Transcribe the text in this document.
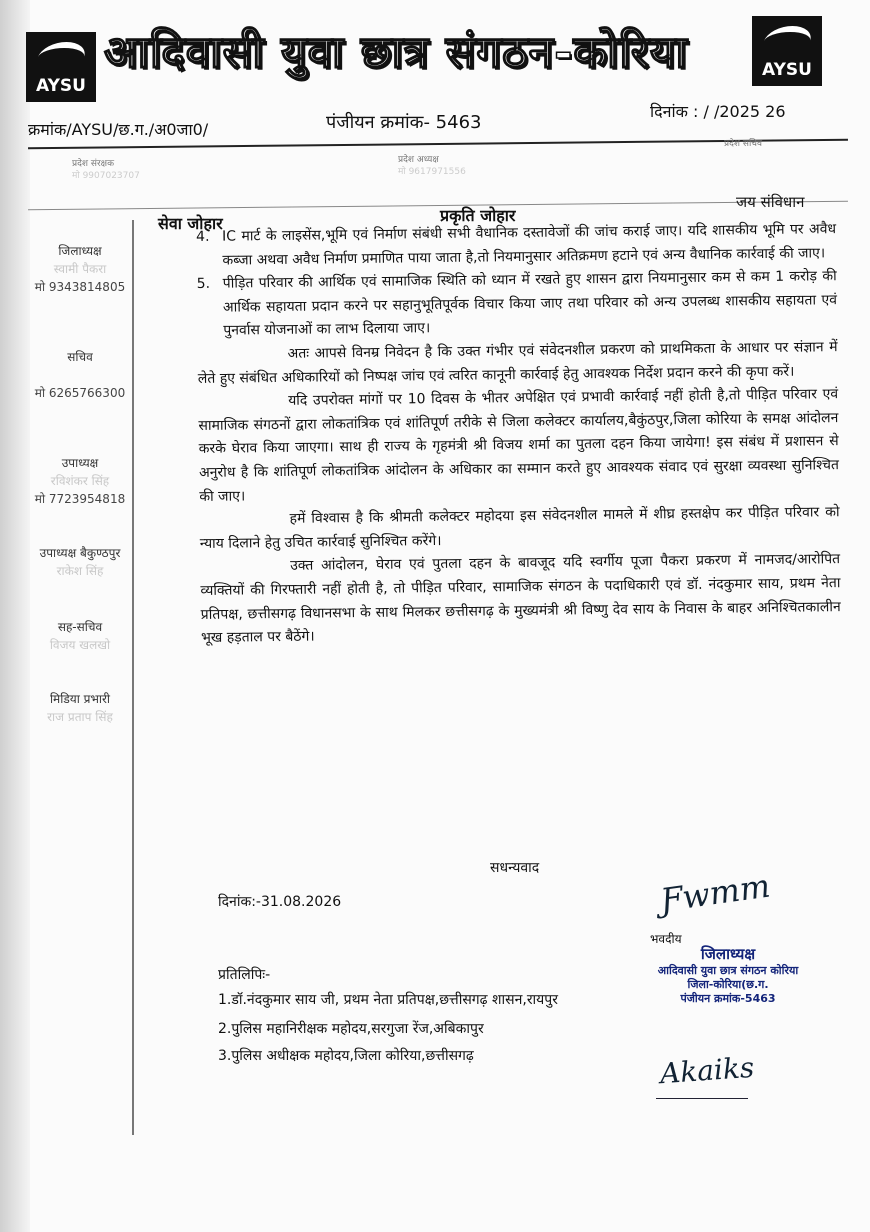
AYSU
आदिवासी युवा छात्र संगठन-कोरिया	AYSU
क्रमांक/AYSU/छ.ग./अ0जा0/	पंजीयन क्रमांक- 5463
दिनांक : / /2025 26
प्रदेश संरक्षक
मो 9907023707
प्रदेश अध्यक्ष
मो 9617971556
प्रदेश सचिव
जिलाध्यक्ष
स्वामी पैकरा
मो 9343814805
सचिव

मो 6265766300
उपाध्यक्ष
रविशंकर सिंह
मो 7723954818
उपाध्यक्ष बैकुण्ठपुर
राकेश सिंह
सह-सचिव
विजय खलखो
मिडिया प्रभारी
राज प्रताप सिंह
सेवा जोहार	प्रकृति जोहार
जय संविधान

4. IC मार्ट के लाइसेंस,भूमि एवं निर्माण संबंधी सभी वैधानिक दस्तावेजों की जांच कराई जाए। यदि शासकीय भूमि पर अवैध कब्जा अथवा अवैध निर्माण प्रमाणित पाया जाता है,तो नियमानुसार अतिक्रमण हटाने एवं अन्य वैधानिक कार्रवाई की जाए।

5. पीड़ित परिवार की आर्थिक एवं सामाजिक स्थिति को ध्यान में रखते हुए शासन द्वारा नियमानुसार कम से कम 1 करोड़ की आर्थिक सहायता प्रदान करने पर सहानुभूतिपूर्वक विचार किया जाए तथा परिवार को अन्य उपलब्ध शासकीय सहायता एवं पुनर्वास योजनाओं का लाभ दिलाया जाए।

अतः आपसे विनम्र निवेदन है कि उक्त गंभीर एवं संवेदनशील प्रकरण को प्राथमिकता के आधार पर संज्ञान में लेते हुए संबंधित अधिकारियों को निष्पक्ष जांच एवं त्वरित कानूनी कार्रवाई हेतु आवश्यक निर्देश प्रदान करने की कृपा करें।

यदि उपरोक्त मांगों पर 10 दिवस के भीतर अपेक्षित एवं प्रभावी कार्रवाई नहीं होती है,तो पीड़ित परिवार एवं सामाजिक संगठनों द्वारा लोकतांत्रिक एवं शांतिपूर्ण तरीके से जिला कलेक्टर कार्यालय,बैकुंठपुर,जिला कोरिया के समक्ष आंदोलन करके घेराव किया जाएगा। साथ ही राज्य के गृहमंत्री श्री विजय शर्मा का पुतला दहन किया जायेगा! इस संबंध में प्रशासन से अनुरोध है कि शांतिपूर्ण लोकतांत्रिक आंदोलन के अधिकार का सम्मान करते हुए आवश्यक संवाद एवं सुरक्षा व्यवस्था सुनिश्चित की जाए।

हमें विश्वास है कि श्रीमती कलेक्टर महोदया इस संवेदनशील मामले में शीघ्र हस्तक्षेप कर पीड़ित परिवार को न्याय दिलाने हेतु उचित कार्रवाई सुनिश्चित करेंगे।

उक्त आंदोलन, घेराव एवं पुतला दहन के बावजूद यदि स्वर्गीय पूजा पैकरा प्रकरण में नामजद/आरोपित व्यक्तियों की गिरफ्तारी नहीं होती है, तो पीड़ित परिवार, सामाजिक संगठन के पदाधिकारी एवं डॉ. नंदकुमार साय, प्रथम नेता प्रतिपक्ष, छत्तीसगढ़ विधानसभा के साथ मिलकर छत्तीसगढ़ के मुख्यमंत्री श्री विष्णु देव साय के निवास के बाहर अनिश्चितकालीन भूख हड़ताल पर बैठेंगे।

सधन्यवाद
दिनांक:-31.08.2026	Ƒwmm
भवदीय
जिलाध्यक्ष
आदिवासी युवा छात्र संगठन कोरिया
जिला-कोरिया(छ.ग.
पंजीयन क्रमांक-5463
प्रतिलिपिः-
1.डॉ.नंदकुमार साय जी, प्रथम नेता प्रतिपक्ष,छत्तीसगढ़ शासन,रायपुर
2.पुलिस महानिरीक्षक महोदय,सरगुजा रेंज,अबिकापुर
3.पुलिस अधीक्षक महोदय,जिला कोरिया,छत्तीसगढ़	Akaiks
